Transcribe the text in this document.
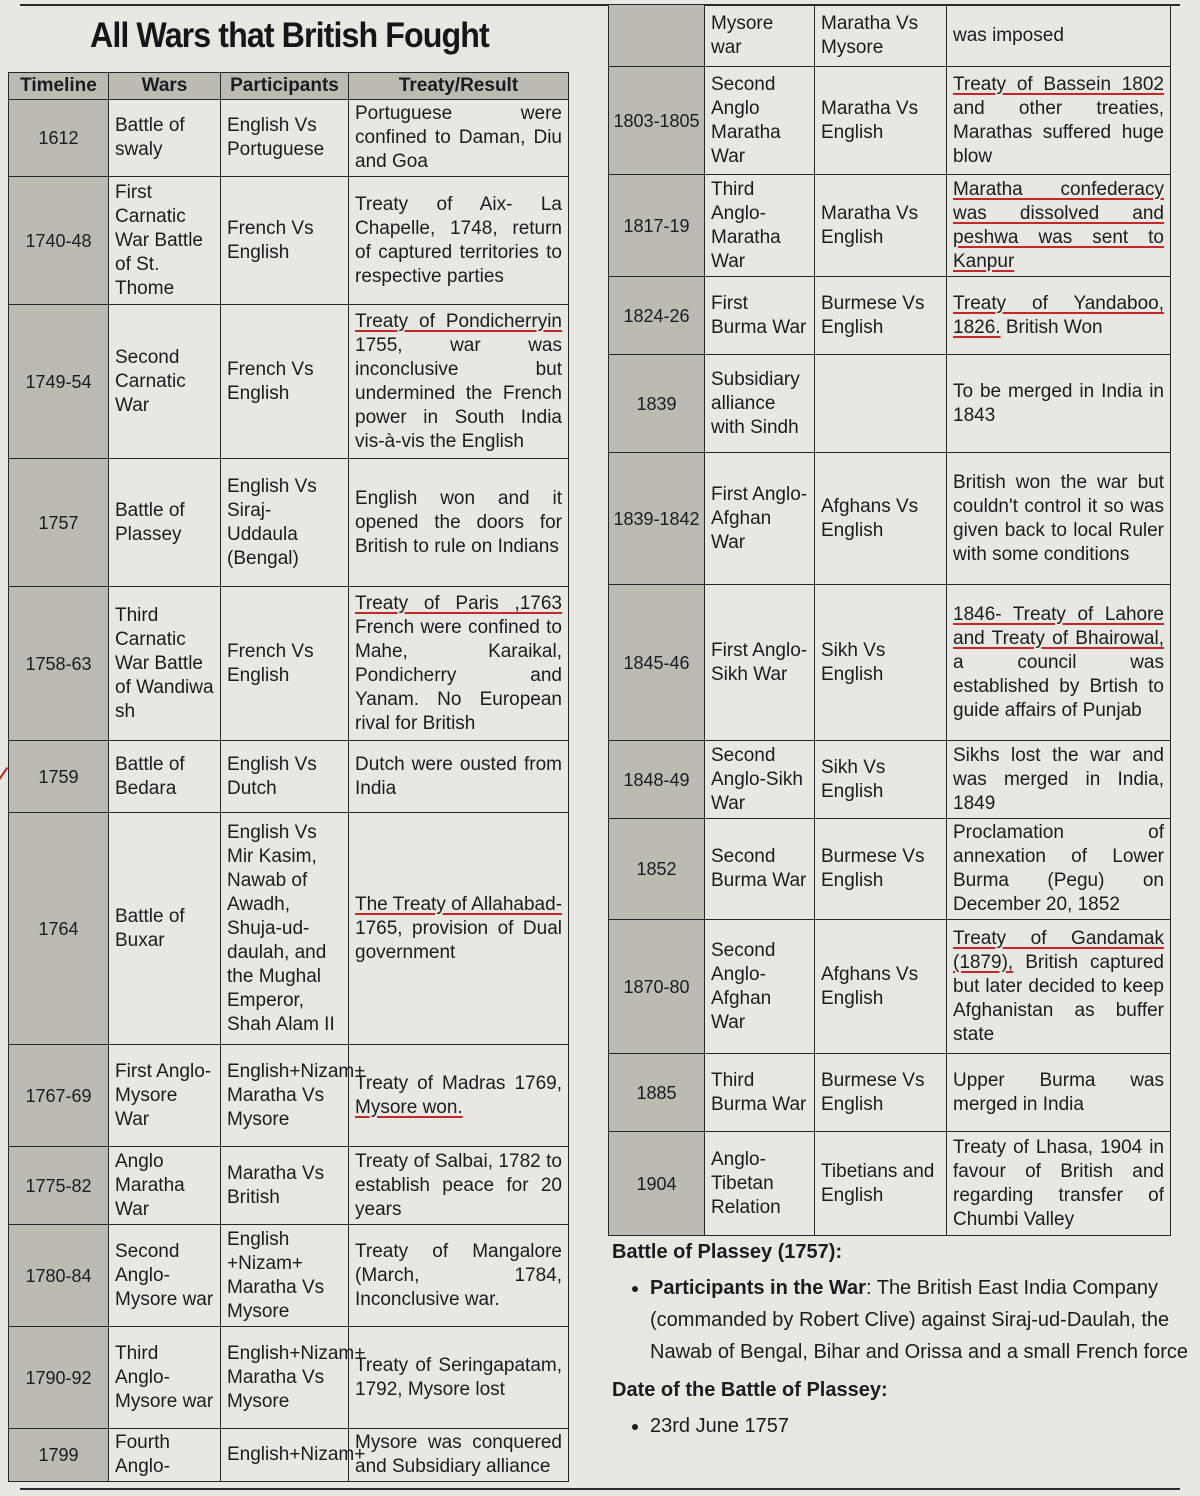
All Wars that British Fought
Timeline	Wars	Participants	Treaty/Result
1612	Battle of swaly	English Vs Portuguese	Portuguese were confined to Daman, Diu and Goa
1740-48	First Carnatic War Battle of St. Thome	French Vs English	Treaty of Aix- La Chapelle, 1748, return of captured territories to respective parties
1749-54	Second Carnatic War	French Vs English	Treaty of Pondicherryin 1755, war was inconclusive but undermined the French power in South India vis-à-vis the English
1757	Battle of Plassey	English Vs Siraj-Uddaula (Bengal)	English won and it opened the doors for British to rule on Indians
1758-63	Third Carnatic War Battle of Wandiwa sh	French Vs English	Treaty of Paris ,1763 French were confined to Mahe, Karaikal, Pondicherry and Yanam. No European rival for British
1759	Battle of Bedara	English Vs Dutch	Dutch were ousted from India
1764	Battle of Buxar	English Vs Mir Kasim, Nawab of Awadh, Shuja-ud-daulah, and the Mughal Emperor, Shah Alam II	The Treaty of Allahabad- 1765, provision of Dual government
1767-69	First Anglo-Mysore War	English+Nizam+ Maratha Vs Mysore	Treaty of Madras 1769, Mysore won.
1775-82	Anglo Maratha War	Maratha Vs British	Treaty of Salbai, 1782 to establish peace for 20 years
1780-84	Second Anglo-Mysore war	English +Nizam+ Maratha Vs Mysore	Treaty of Mangalore (March, 1784, Inconclusive war.
1790-92	Third Anglo-Mysore war	English+Nizam+ Maratha Vs Mysore	Treaty of Seringapatam, 1792, Mysore lost
1799	Fourth Anglo-	English+Nizam+	Mysore was conquered and Subsidiary alliance
	Mysore war	Maratha Vs Mysore	was imposed
1803-1805	Second Anglo Maratha War	Maratha Vs English	Treaty of Bassein 1802 and other treaties, Marathas suffered huge blow
1817-19	Third Anglo-Maratha War	Maratha Vs English	Maratha confederacy was dissolved and peshwa was sent to Kanpur
1824-26	First Burma War	Burmese Vs English	Treaty of Yandaboo, 1826. British Won
1839	Subsidiary alliance with Sindh		To be merged in India in 1843
1839-1842	First Anglo-Afghan War	Afghans Vs English	British won the war but couldn't control it so was given back to local Ruler with some conditions
1845-46	First Anglo-Sikh War	Sikh Vs English	1846- Treaty of Lahore and Treaty of Bhairowal, a council was established by Brtish to guide affairs of Punjab
1848-49	Second Anglo-Sikh War	Sikh Vs English	Sikhs lost the war and was merged in India, 1849
1852	Second Burma War	Burmese Vs English	Proclamation of annexation of Lower Burma (Pegu) on December 20, 1852
1870-80	Second Anglo-Afghan War	Afghans Vs English	Treaty of Gandamak (1879), British captured but later decided to keep Afghanistan as buffer state
1885	Third Burma War	Burmese Vs English	Upper Burma was merged in India
1904	Anglo-Tibetan Relation	Tibetians and English	Treaty of Lhasa, 1904 in favour of British and regarding transfer of Chumbi Valley
Battle of Plassey (1757):
• Participants in the War: The British East India Company (commanded by Robert Clive) against Siraj-ud-Daulah, the Nawab of Bengal, Bihar and Orissa and a small French force
Date of the Battle of Plassey:
• 23rd June 1757
